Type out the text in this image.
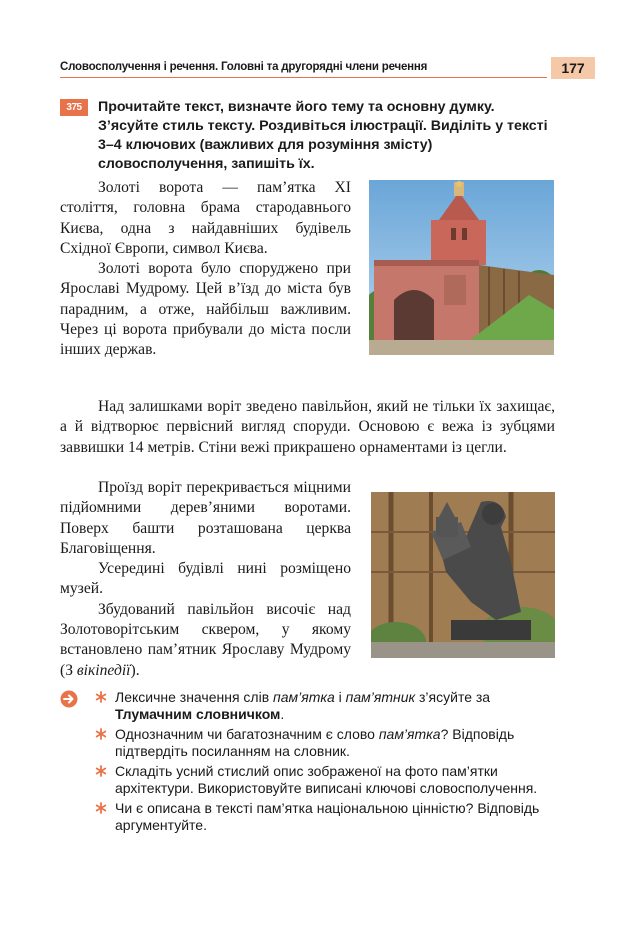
Словосполучення і речення. Головні та другорядні члени речення	177
375	Прочитайте текст, визначте його тему та основну думку. З’ясуйте стиль тексту. Роздивіться ілюстрації. Виділіть у тексті 3–4 ключових (важливих для розуміння змісту) словосполучення, запишіть їх.

Золоті ворота — пам’ятка XI століття, головна брама стародавнього Києва, одна з найдавніших будівель Східної Європи, символ Києва.

Золоті ворота було споруджено при Ярославі Мудрому. Цей в’їзд до міста був парадним, а отже, найбільш важливим. Через ці ворота прибували до міста посли інших держав.

Над залишками воріт зведено павільйон, який не тільки їх захищає, а й відтворює первісний вигляд споруди. Основою є вежа із зубцями заввишки 14 метрів. Стіни вежі прикрашено орнаментами із цегли.

Проїзд воріт перекривається міцними підйомними дерев’яними воротами. Поверх башти розташована церква Благовіщення.

Усередині будівлі нині розміщено музей.

Збудований павільйон височіє над Золотоворітським сквером, у якому встановлено пам’ятник Ярославу Мудрому (З вікіпедії).

Лексичне значення слів пам’ятка і пам’ятник з’ясуйте за Тлумачним словничком.
Однозначним чи багатозначним є слово пам’ятка? Відповідь підтвердіть посиланням на словник.
Складіть усний стислий опис зображеної на фото пам’ятки архітектури. Використовуйте виписані ключові словосполучення.
Чи є описана в тексті пам’ятка національною цінністю? Відповідь аргументуйте.
